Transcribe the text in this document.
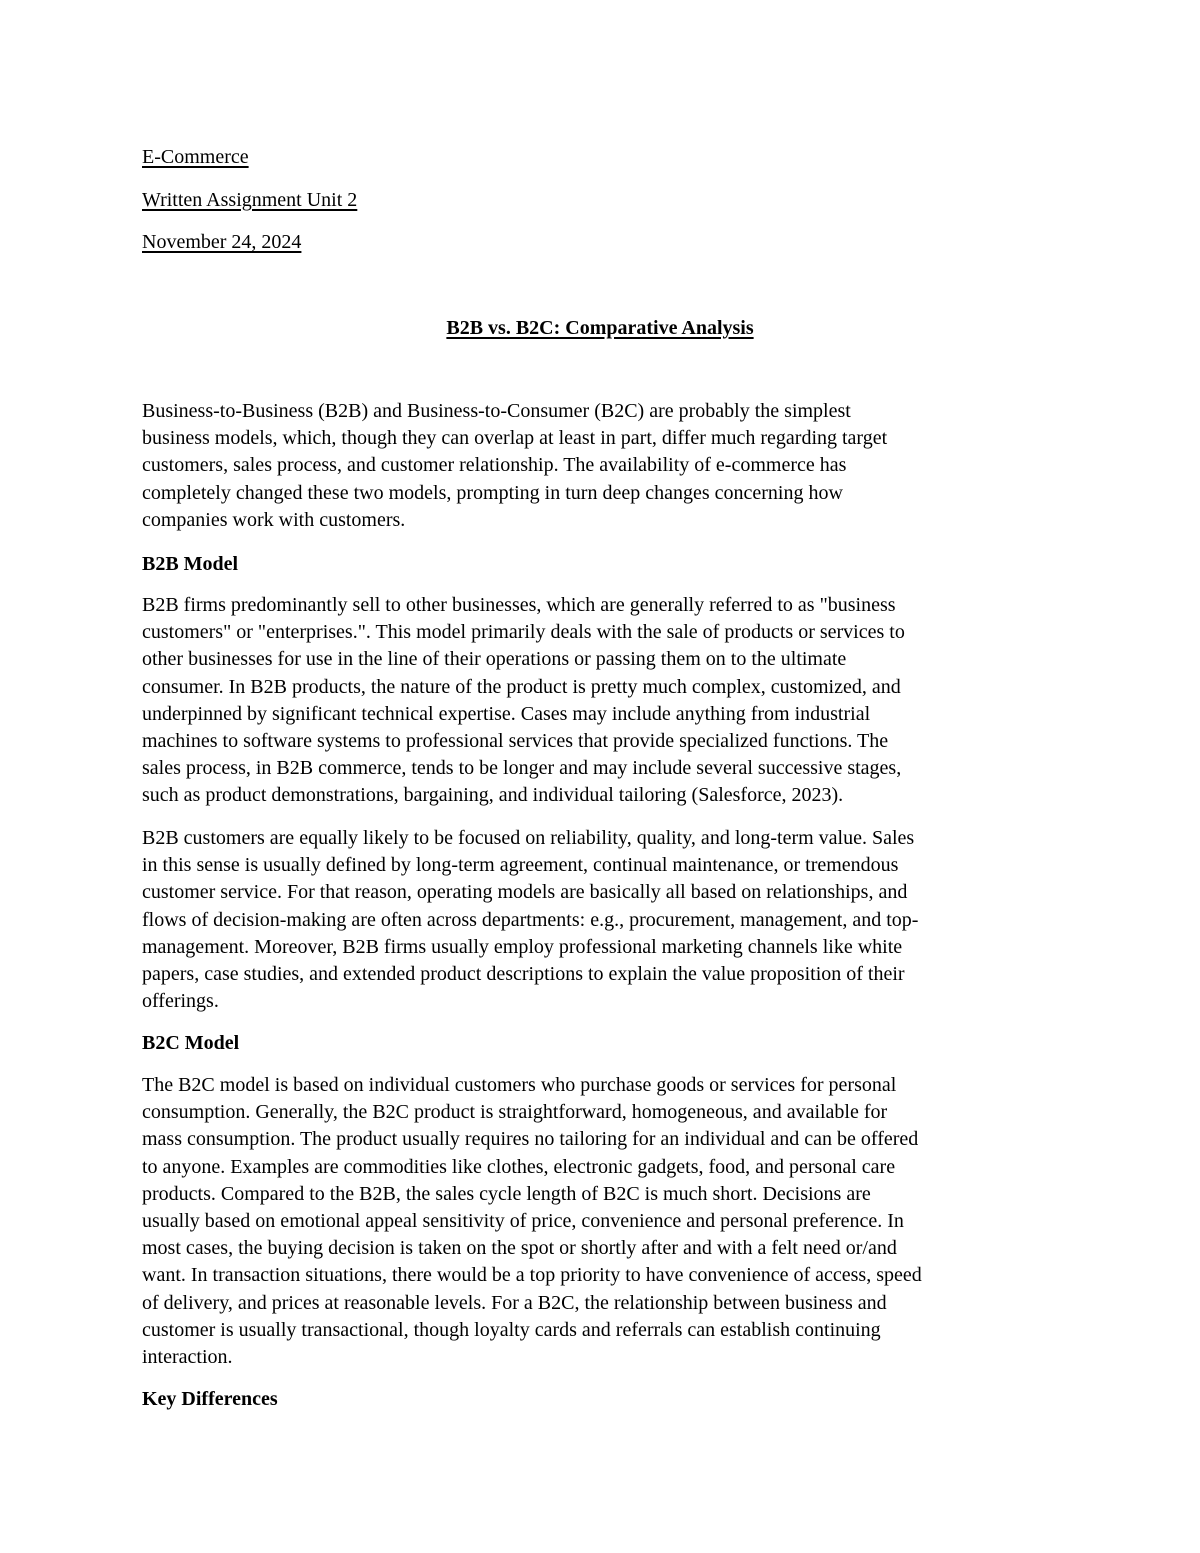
E-Commerce
Written Assignment Unit 2
November 24, 2024
B2B vs. B2C: Comparative Analysis
Business-to-Business (B2B) and Business-to-Consumer (B2C) are probably the simplest
business models, which, though they can overlap at least in part, differ much regarding target
customers, sales process, and customer relationship. The availability of e-commerce has
completely changed these two models, prompting in turn deep changes concerning how
companies work with customers.
B2B Model
B2B firms predominantly sell to other businesses, which are generally referred to as "business
customers" or "enterprises.". This model primarily deals with the sale of products or services to
other businesses for use in the line of their operations or passing them on to the ultimate
consumer. In B2B products, the nature of the product is pretty much complex, customized, and
underpinned by significant technical expertise. Cases may include anything from industrial
machines to software systems to professional services that provide specialized functions. The
sales process, in B2B commerce, tends to be longer and may include several successive stages,
such as product demonstrations, bargaining, and individual tailoring (Salesforce, 2023).
B2B customers are equally likely to be focused on reliability, quality, and long-term value. Sales
in this sense is usually defined by long-term agreement, continual maintenance, or tremendous
customer service. For that reason, operating models are basically all based on relationships, and
flows of decision-making are often across departments: e.g., procurement, management, and top-
management. Moreover, B2B firms usually employ professional marketing channels like white
papers, case studies, and extended product descriptions to explain the value proposition of their
offerings.
B2C Model
The B2C model is based on individual customers who purchase goods or services for personal
consumption. Generally, the B2C product is straightforward, homogeneous, and available for
mass consumption. The product usually requires no tailoring for an individual and can be offered
to anyone. Examples are commodities like clothes, electronic gadgets, food, and personal care
products. Compared to the B2B, the sales cycle length of B2C is much short. Decisions are
usually based on emotional appeal sensitivity of price, convenience and personal preference. In
most cases, the buying decision is taken on the spot or shortly after and with a felt need or/and
want. In transaction situations, there would be a top priority to have convenience of access, speed
of delivery, and prices at reasonable levels. For a B2C, the relationship between business and
customer is usually transactional, though loyalty cards and referrals can establish continuing
interaction.
Key Differences
